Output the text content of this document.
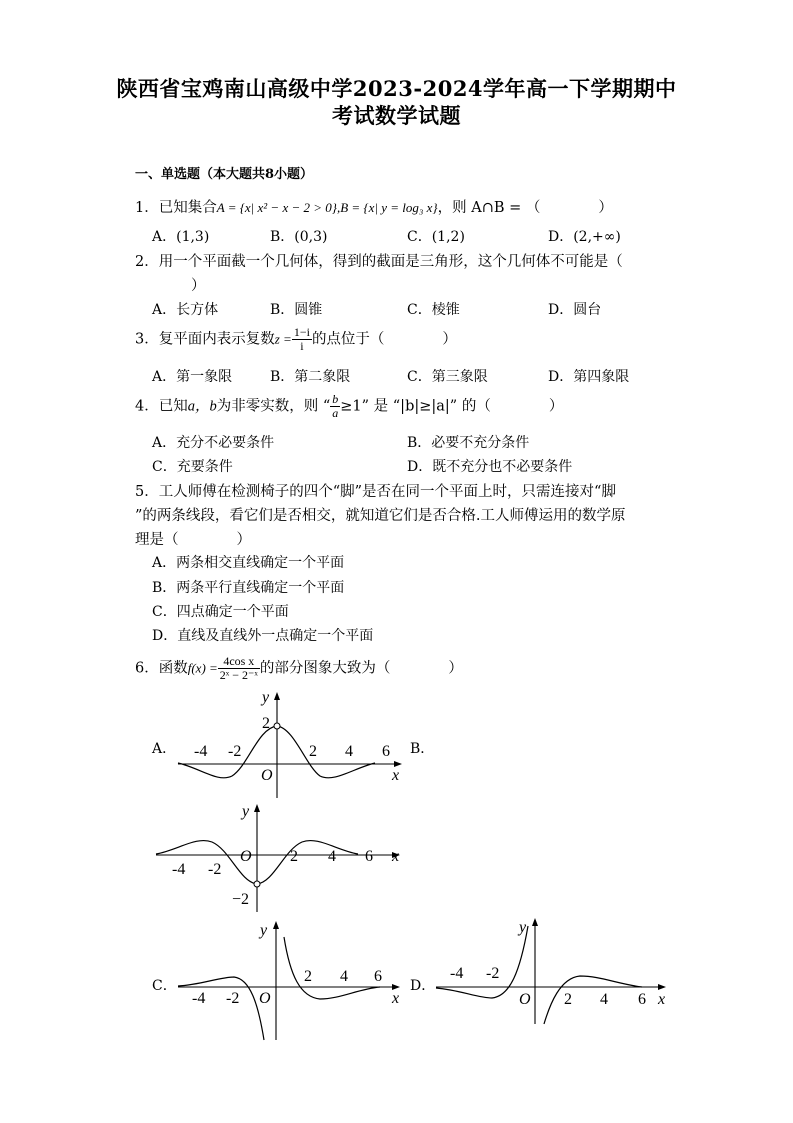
陕西省宝鸡南山高级中学2023-2024学年高一下学期期中
考试数学试题
一、单选题（本大题共8小题）
1．已知集合A = {x| x² − x − 2 > 0},B = {x| y = log₃ x}，则 A∩B = （　　　　）
A．(1,3)	B．(0,3)	C．(1,2)	D．(2,+∞)
2．用一个平面截一个几何体，得到的截面是三角形，这个几何体不可能是（
）
A．长方体	B．圆锥	C．棱锥	D．圆台
3．复平面内表示复数$z = \frac{1-i}{i}$ 的点位于（　　　　）
A．第一象限	B．第二象限	C．第三象限	D．第四象限
4．已知a，b为非零实数，则 “ $\frac{b}{a} \ge 1$” 是 “|b|≥|a|” 的（　　　　）
A．充分不必要条件	B．必要不充分条件
C．充要条件	D．既不充分也不必要条件
5．工人师傅在检测椅子的四个“脚”是否在同一个平面上时，只需连接对“脚
”的两条线段，看它们是否相交，就知道它们是否合格.工人师傅运用的数学原
理是（　　　　）
A．两条相交直线确定一个平面
B．两条平行直线确定一个平面
C．四点确定一个平面
D．直线及直线外一点确定一个平面
6．函数$f(x) = \frac{\text{4cos x}}{\text{2ˣ − 2⁻ˣ}}$ 的部分图象大致为（　　　　）
A．	B．
C．	D．
-4 -2	2 4 6
2
O	x
y
-4 -2
2 4 6
−2
O	x
y
-4 -2
2 4 6
O	x
y
-4 -2
2 4 6
O	x
y
